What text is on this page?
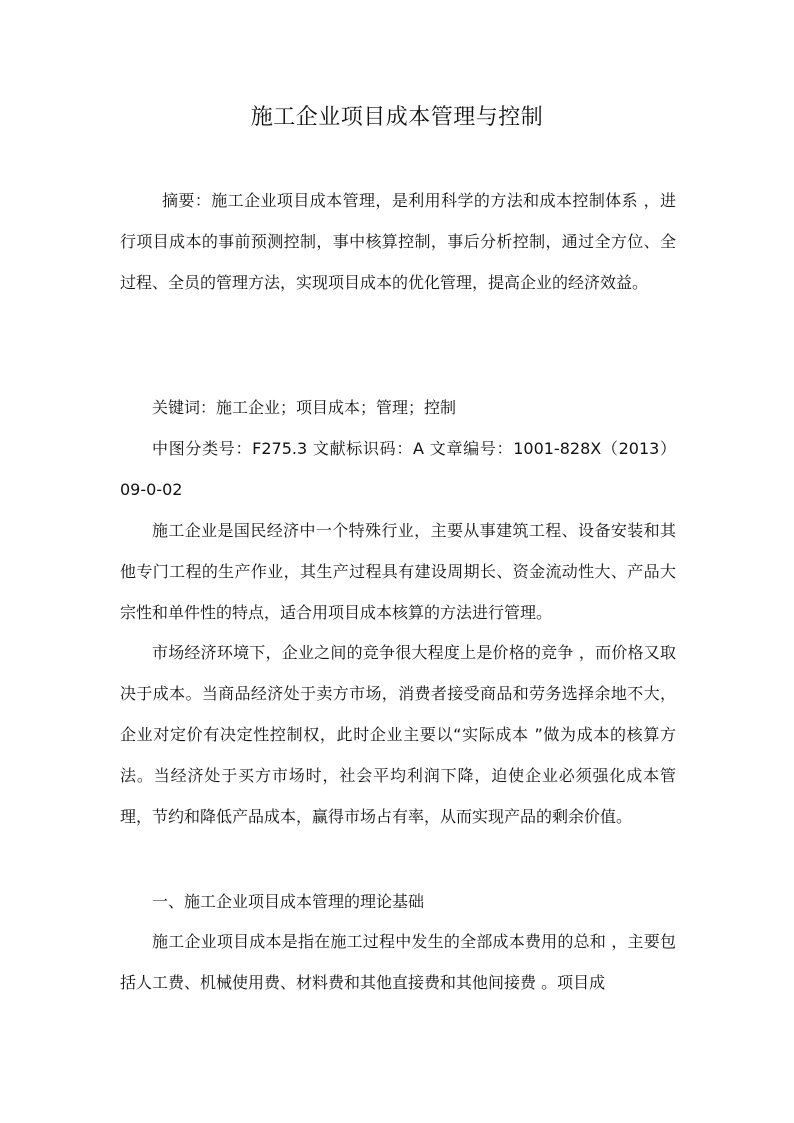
施工企业项目成本管理与控制

摘要：施工企业项目成本管理，是利用科学的方法和成本控制体系 ，进行项目成本的事前预测控制，事中核算控制，事后分析控制，通过全方位、全过程、全员的管理方法，实现项目成本的优化管理，提高企业的经济效益。

关键词：施工企业；项目成本；管理；控制

中图分类号：F275.3 文献标识码：A 文章编号：1001-828X（2013）09-0-02

施工企业是国民经济中一个特殊行业，主要从事建筑工程、设备安装和其他专门工程的生产作业，其生产过程具有建设周期长、资金流动性大、产品大宗性和单件性的特点，适合用项目成本核算的方法进行管理。

市场经济环境下，企业之间的竞争很大程度上是价格的竞争 ，而价格又取决于成本。当商品经济处于卖方市场，消费者接受商品和劳务选择余地不大，企业对定价有决定性控制权，此时企业主要以“实际成本 ”做为成本的核算方法。当经济处于买方市场时，社会平均利润下降，迫使企业必须强化成本管理，节约和降低产品成本，赢得市场占有率，从而实现产品的剩余价值。

一、施工企业项目成本管理的理论基础

施工企业项目成本是指在施工过程中发生的全部成本费用的总和 ，主要包括人工费、机械使用费、材料费和其他直接费和其他间接费 。项目成
